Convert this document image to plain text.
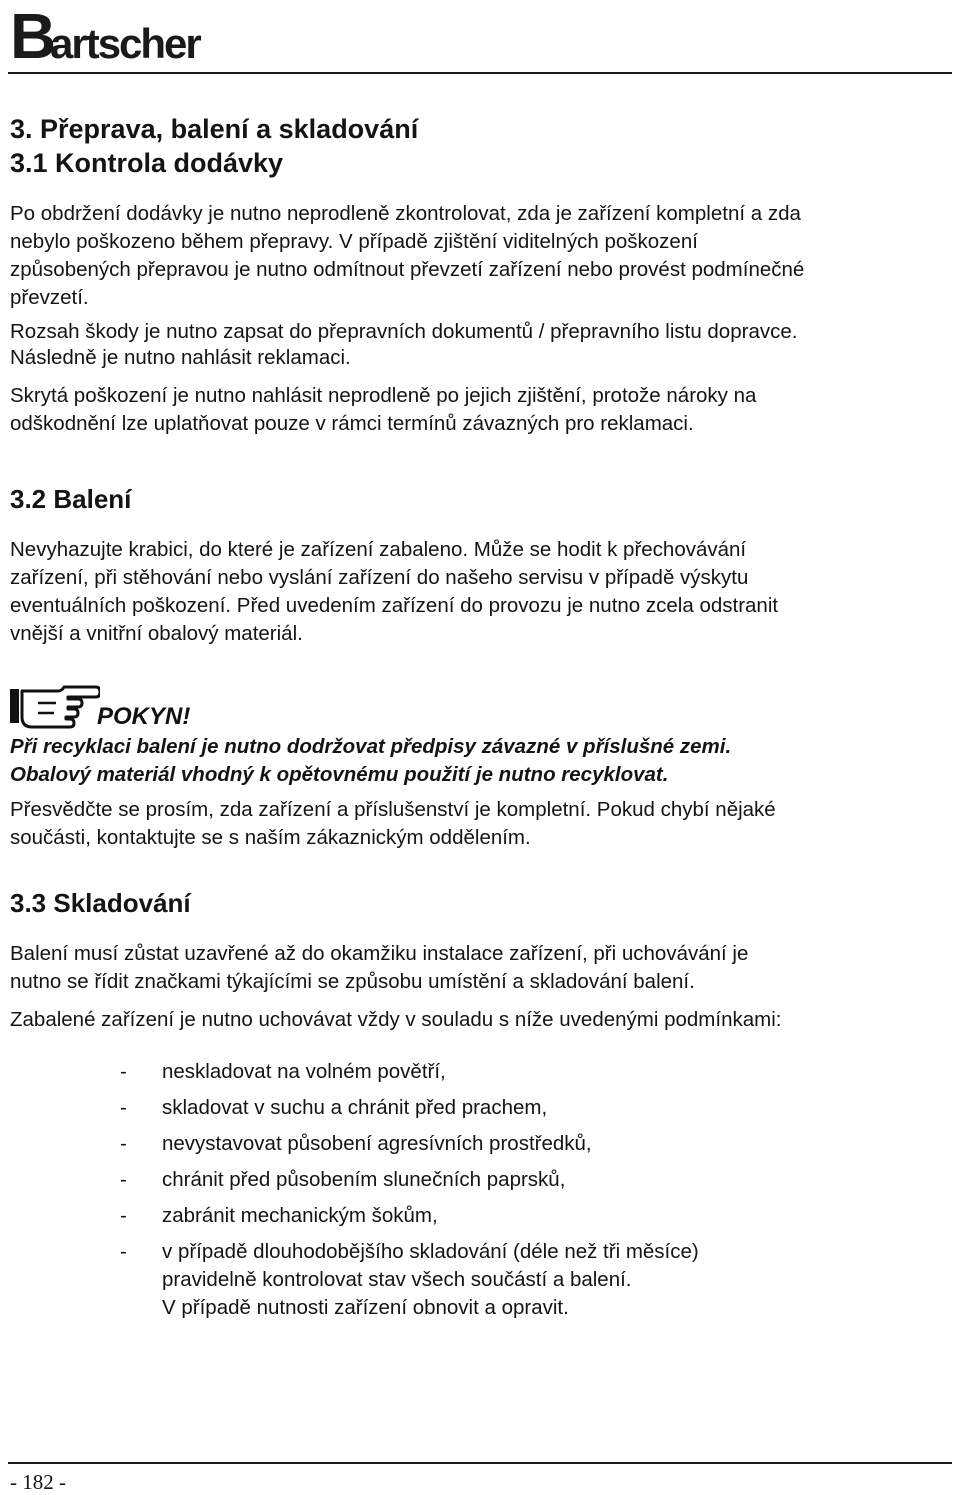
B
artscher
3. Přeprava, balení a skladování
3.1 Kontrola dodávky

Po obdržení dodávky je nutno neprodleně zkontrolovat, zda je zařízení kompletní a zda

nebylo poškozeno během přepravy. V případě zjištění viditelných poškození

způsobených přepravou je nutno odmítnout převzetí zařízení nebo provést podmínečné

převzetí.

Rozsah škody je nutno zapsat do přepravních dokumentů / přepravního listu dopravce.

Následně je nutno nahlásit reklamaci.

Skrytá poškození je nutno nahlásit neprodleně po jejich zjištění, protože nároky na

odškodnění lze uplatňovat pouze v rámci termínů závazných pro reklamaci.

3.2 Balení

Nevyhazujte krabici, do které je zařízení zabaleno. Může se hodit k přechovávání

zařízení, při stěhování nebo vyslání zařízení do našeho servisu v případě výskytu

eventuálních poškození. Před uvedením zařízení do provozu je nutno zcela odstranit

vnější a vnitřní obalový materiál.

POKYN!

Při recyklaci balení je nutno dodržovat předpisy závazné v příslušné zemi.

Obalový materiál vhodný k opětovnému použití je nutno recyklovat.

Přesvědčte se prosím, zda zařízení a příslušenství je kompletní. Pokud chybí nějaké

součásti, kontaktujte se s naším zákaznickým oddělením.

3.3 Skladování

Balení musí zůstat uzavřené až do okamžiku instalace zařízení, při uchovávání je

nutno se řídit značkami týkajícími se způsobu umístění a skladování balení.

Zabalené zařízení je nutno uchovávat vždy v souladu s níže uvedenými podmínkami:

- neskladovat na volném povětří,
- skladovat v suchu a chránit před prachem,
- nevystavovat působení agresívních prostředků,
- chránit před působením slunečních paprsků,
- zabránit mechanickým šokům,
- v případě dlouhodobějšího skladování (déle než tři měsíce)
pravidelně kontrolovat stav všech součástí a balení.
V případě nutnosti zařízení obnovit a opravit.
- 182 -
